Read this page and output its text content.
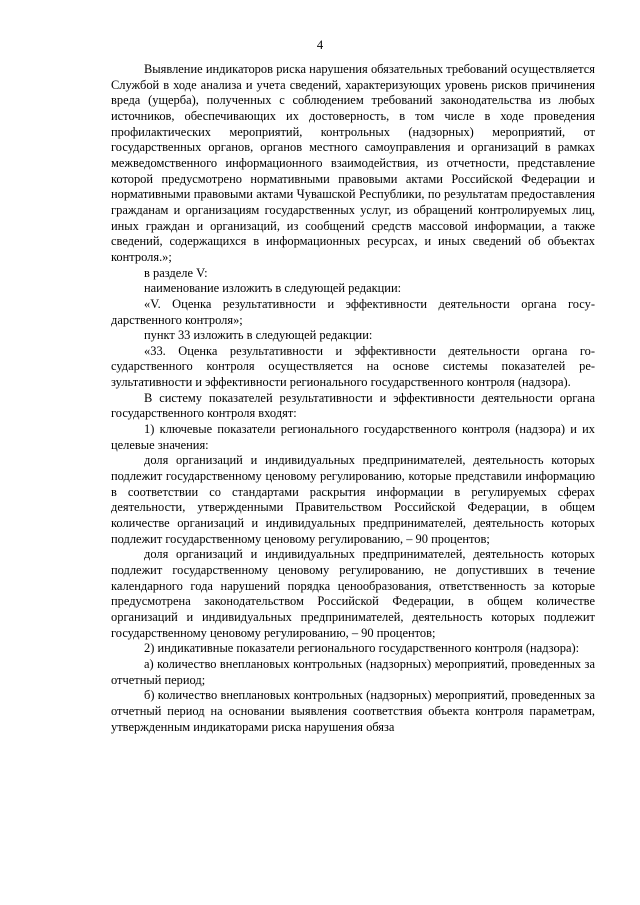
4

Выявление индикаторов риска нарушения обязательных требований осуществляется Службой в ходе анализа и учета сведений, характеризующих уровень рисков причинения вреда (ущерба), полученных с соблюдением требований законодательства из любых источников, обеспечивающих их достоверность, в том числе в ходе проведения профилактических мероприятий, контрольных (надзорных) мероприятий, от государственных органов, органов местного самоуправления и организаций в рамках межведомственного информационного взаимодействия, из отчетности, представление которой предусмотрено нормативными правовыми актами Российской Федерации и нормативными правовыми актами Чувашской Республики, по результатам предоставления гражданам и организациям государственных услуг, из обращений контролируемых лиц, иных граждан и организаций, из сообщений средств массовой информации, а также сведений, содержащихся в информационных ресурсах, и иных сведений об объектах контроля.»;

в разделе V:

наименование изложить в следующей редакции:

«V. Оценка результативности и эффективности деятельности органа государственного контроля»;

пункт 33 изложить в следующей редакции:

«33. Оценка результативности и эффективности деятельности органа государственного контроля осуществляется на основе системы показателей результативности и эффективности регионального государственного контроля (надзора).

В систему показателей результативности и эффективности деятельности органа государственного контроля входят:

1) ключевые показатели регионального государственного контроля (надзора) и их целевые значения:

доля организаций и индивидуальных предпринимателей, деятельность которых подлежит государственному ценовому регулированию, которые представили информацию в соответствии со стандартами раскрытия информации в регулируемых сферах деятельности, утвержденными Правительством Российской Федерации, в общем количестве организаций и индивидуальных предпринимателей, деятельность которых подлежит государственному ценовому регулированию, – 90 процентов;

доля организаций и индивидуальных предпринимателей, деятельность которых подлежит государственному ценовому регулированию, не допустивших в течение календарного года нарушений порядка ценообразования, ответственность за которые предусмотрена законодательством Российской Федерации, в общем количестве организаций и индивидуальных предпринимателей, деятельность которых подлежит государственному ценовому регулированию, – 90 процентов;

2) индикативные показатели регионального государственного контроля (надзора):

а) количество внеплановых контрольных (надзорных) мероприятий, проведенных за отчетный период;

б) количество внеплановых контрольных (надзорных) мероприятий, проведенных за отчетный период на основании выявления соответствия объекта контроля параметрам, утвержденным индикаторами риска нарушения обяза
